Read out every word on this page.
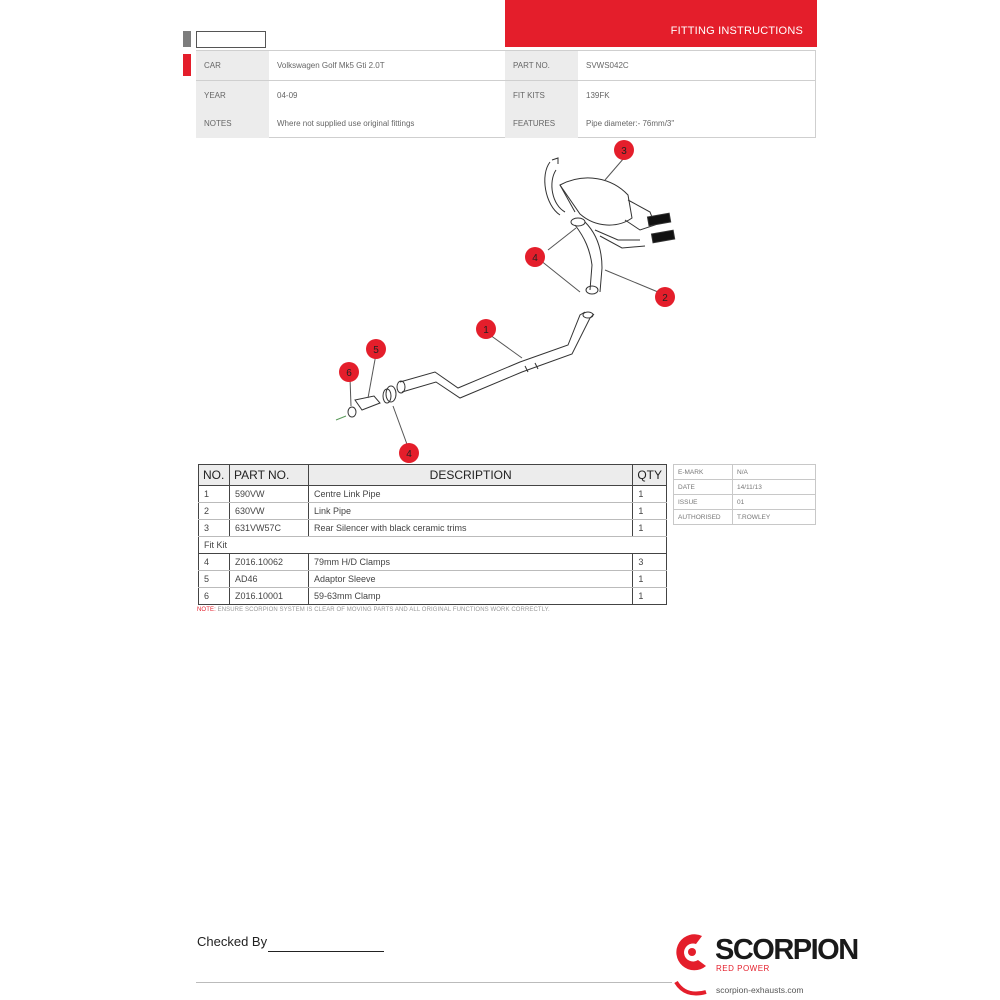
FITTING INSTRUCTIONS
CAR	Volkswagen Golf Mk5 Gti 2.0T	PART NO.	SVWS042C
YEAR	04-09	FIT KITS	139FK
NOTES	Where not supplied use original fittings	FEATURES	Pipe diameter:- 76mm/3"
3
4
2
1
5
6
4
NO.	PART NO.	DESCRIPTION	QTY
1	590VW	Centre Link Pipe	1
2	630VW	Link Pipe	1
3	631VW57C	Rear Silencer with black ceramic trims	1
Fit Kit			
4	Z016.10062	79mm H/D Clamps	3
5	AD46	Adaptor Sleeve	1
6	Z016.10001	59-63mm Clamp	1
E-MARK	N/A
DATE	14/11/13
ISSUE	01
AUTHORISED	T.ROWLEY
NOTE: ENSURE SCORPION SYSTEM IS CLEAR OF MOVING PARTS AND ALL ORIGINAL FUNCTIONS WORK CORRECTLY.
Checked By	SCORPION
RED POWER
scorpion-exhausts.com
